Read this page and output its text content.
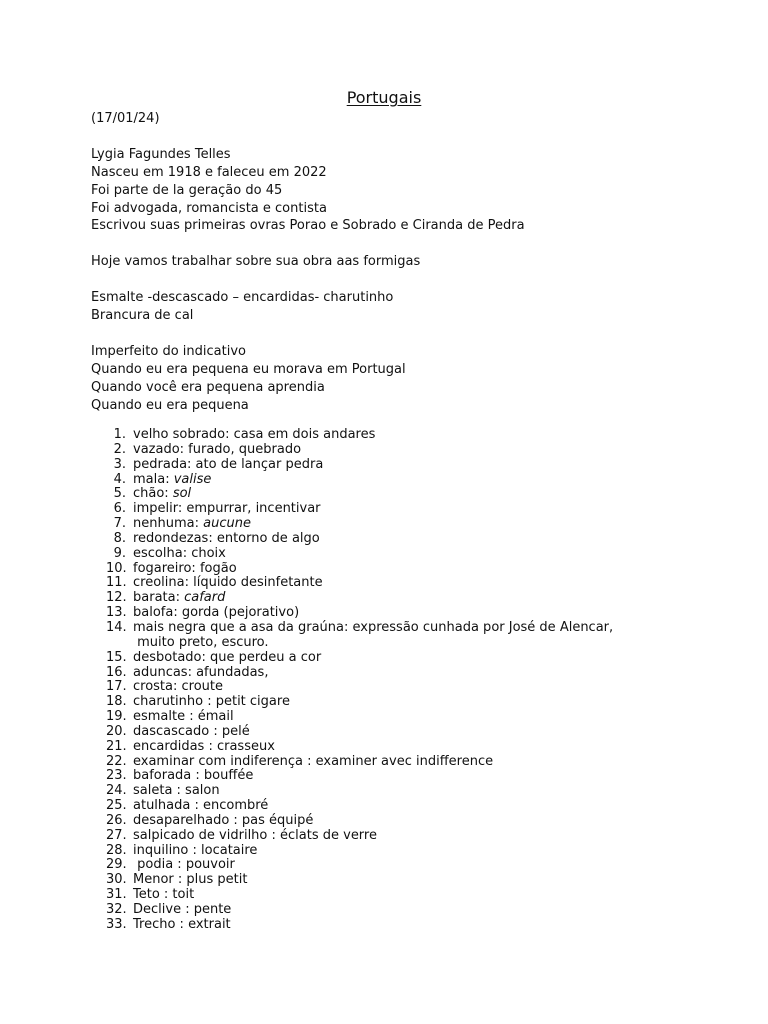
Portugais
(17/01/24)

Lygia Fagundes Telles
Nasceu em 1918 e faleceu em 2022
Foi parte de la geração do 45
Foi advogada, romancista e contista
Escrivou suas primeiras ovras Porao e Sobrado e Ciranda de Pedra

Hoje vamos trabalhar sobre sua obra aas formigas

Esmalte -descascado – encardidas- charutinho
Brancura de cal

Imperfeito do indicativo
Quando eu era pequena eu morava em Portugal
Quando você era pequena aprendia
Quando eu era pequena
1. velho sobrado: casa em dois andares
2. vazado: furado, quebrado
3. pedrada: ato de lançar pedra
4. mala: valise
5. chão: sol
6. impelir: empurrar, incentivar
7. nenhuma: aucune
8. redondezas: entorno de algo
9. escolha: choix
10. fogareiro: fogão
11. creolina: líquido desinfetante
12. barata: cafard
13. balofa: gorda (pejorativo)
14. mais negra que a asa da graúna: expressão cunhada por José de Alencar,
muito preto, escuro.
15. desbotado: que perdeu a cor
16. aduncas: afundadas,
17. crosta: croute
18. charutinho : petit cigare
19. esmalte : émail
20. dascascado : pelé
21. encardidas : crasseux
22. examinar com indiferença : examiner avec indifference
23. baforada : bouffée
24. saleta : salon
25. atulhada : encombré
26. desaparelhado : pas équipé
27. salpicado de vidrilho : éclats de verre
28. inquilino : locataire
29. podia : pouvoir
30. Menor : plus petit
31. Teto : toit
32. Declive : pente
33. Trecho : extrait
